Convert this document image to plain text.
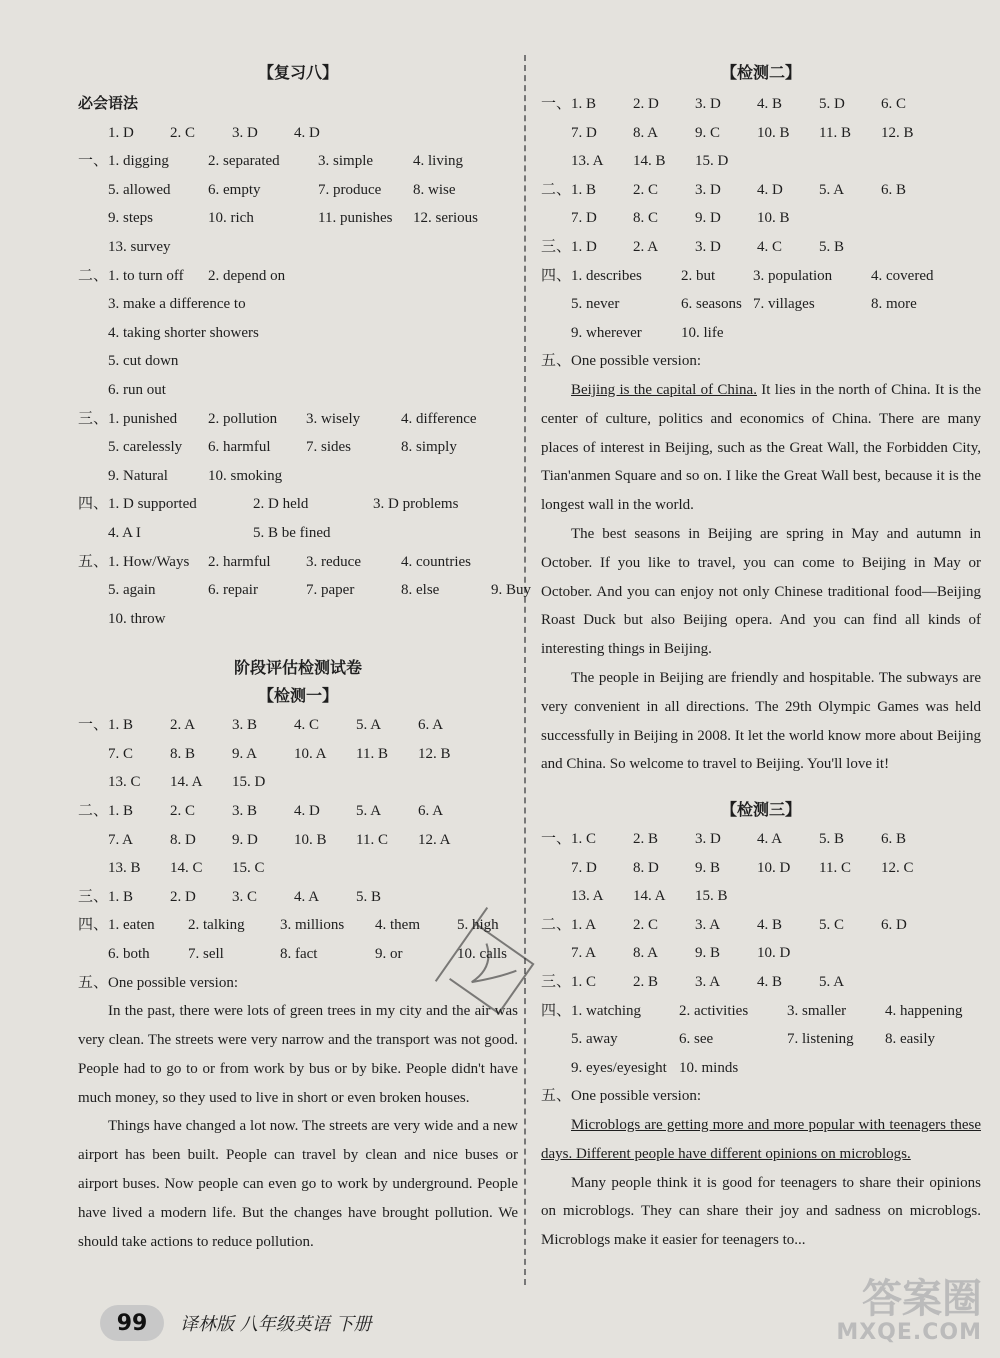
【复习八】
必会语法
1. D 2. C 3. D 4. D
一、1. digging	2. separated	3. simple	4. living
5. allowed	6. empty	7. produce 8. wise
9. steps	10. rich	11. punishes 12. serious
13. survey
二、1. to turn off 2. depend on
3. make a difference to
4. taking shorter showers
5. cut down
6. run out
三、1. punished 2. pollution 3. wisely	4. difference
5. carelessly 6. harmful 7. sides	8. simply
9. Natural	10. smoking
四、1. D supported	2. D held	3. D problems
4. A I	5. B be fined
五、1. How/Ways 2. harmful 3. reduce	4. countries
5. again	6. repair	7. paper	8. else	9. Buy
10. throw
阶段评估检测试卷
【检测一】
一、1. B 2. A 3. B 4. C 5. A 6. A
7. C 8. B 9. A 10. A 11. B 12. B
13. C 14. A 15. D
二、1. B 2. C 3. B 4. D 5. A 6. A
7. A 8. D 9. D 10. B 11. C 12. A
13. B 14. C 15. C
三、1. B 2. D 3. C 4. A 5. B
四、1. eaten 2. talking 3. millions 4. them 5. high
6. both	7. sell	8. fact	9. or	10. calls
五、One possible version:

In the past, there were lots of green trees in my city and the air was very clean. The streets were very narrow and the transport was not good. People had to go to or from work by bus or by bike. People didn't have much money, so they used to live in short or even broken houses.

Things have changed a lot now. The streets are very wide and a new airport has been built. People can travel by clean and nice buses or airport buses. Now people can even go to work by underground. People have lived a modern life. But the changes have brought pollution. We should take actions to reduce pollution.

【检测二】
一、1. B 2. D 3. D 4. B 5. D 6. C
7. D 8. A 9. C 10. B 11. B 12. B
13. A 14. B 15. D
二、1. B 2. C 3. D 4. D 5. A 6. B
7. D 8. C 9. D 10. B
三、1. D 2. A 3. D 4. C 5. B
四、1. describes	2. but	3. population	4. covered
5. never	6. seasons 7. villages	8. more
9. wherever	10. life
五、One possible version:

Beijing is the capital of China. It lies in the north of China. It is the center of culture, politics and economics of China. There are many places of interest in Beijing, such as the Great Wall, the Forbidden City, Tian'anmen Square and so on. I like the Great Wall best, because it is the longest wall in the world.

The best seasons in Beijing are spring in May and autumn in October. If you like to travel, you can come to Beijing in May or October. And you can enjoy not only Chinese traditional food—Beijing Roast Duck but also Beijing opera. And you can find all kinds of interesting things in Beijing.

The people in Beijing are friendly and hospitable. The subways are very convenient in all directions. The 29th Olympic Games was held successfully in Beijing in 2008. It let the world know more about Beijing and China. So welcome to travel to Beijing. You'll love it!

【检测三】
一、1. C 2. B 3. D 4. A 5. B 6. B
7. D 8. D 9. B 10. D 11. C 12. C
13. A 14. A 15. B
二、1. A 2. C 3. A 4. B 5. C 6. D
7. A 8. A 9. B 10. D
三、1. C 2. B 3. A 4. B 5. A
四、1. watching	2. activities	3. smaller	4. happening
5. away	6. see	7. listening 8. easily
9. eyes/eyesight 10. minds
五、One possible version:

Microblogs are getting more and more popular with teenagers these days. Different people have different opinions on microblogs.

Many people think it is good for teenagers to share their opinions on microblogs. They can share their joy and sadness on microblogs. Microblogs make it easier for teenagers to...

99	译林版 八年级英语 下册
答案圈
MXQE.COM
